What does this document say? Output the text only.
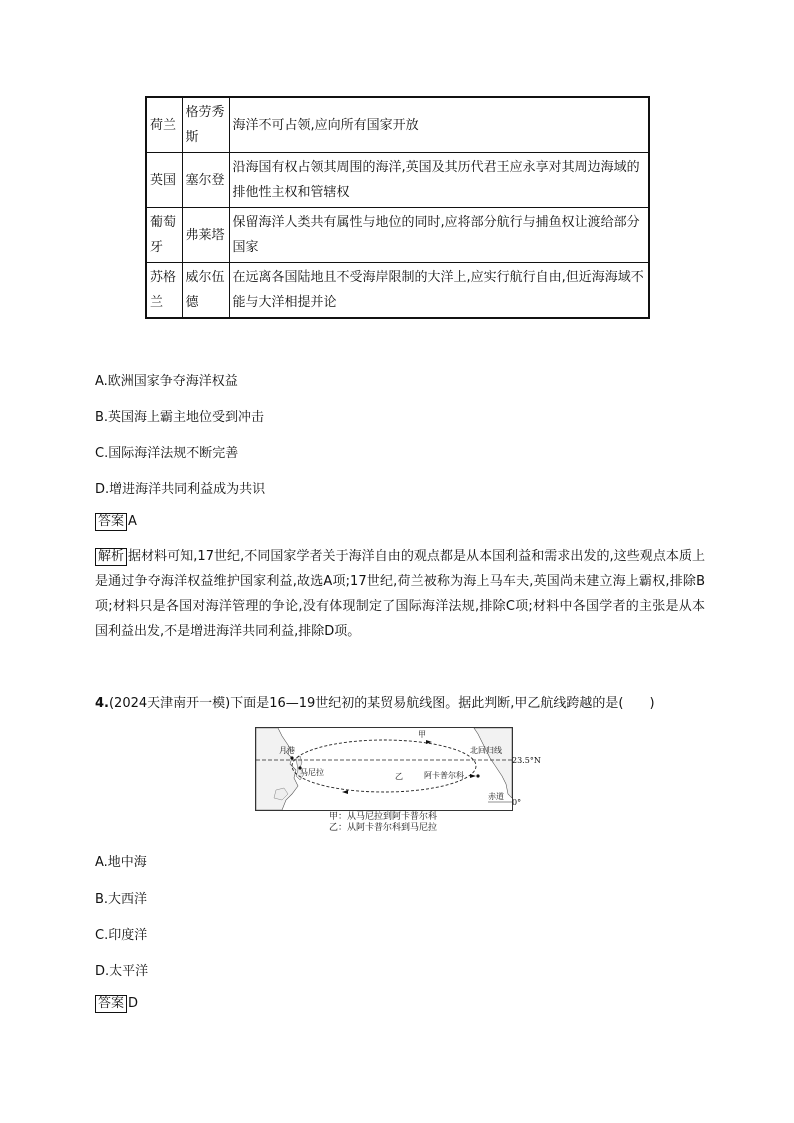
荷兰	格劳秀斯	海洋不可占领,应向所有国家开放
英国	塞尔登	沿海国有权占领其周围的海洋,英国及其历代君王应永享对其周边海域的排他性主权和管辖权
葡萄牙	弗莱塔	保留海洋人类共有属性与地位的同时,应将部分航行与捕鱼权让渡给部分国家
苏格兰	威尔伍德	在远离各国陆地且不受海岸限制的大洋上,应实行航行自由,但近海海域不能与大洋相提并论
A.欧洲国家争夺海洋权益
B.英国海上霸主地位受到冲击
C.国际海洋法规不断完善
D.增进海洋共同利益成为共识
答案 A
解析 据材料可知,17世纪,不同国家学者关于海洋自由的观点都是从本国利益和需求出发的,这些观点本质上是通过争夺海洋权益维护国家利益,故选A项;17世纪,荷兰被称为海上马车夫,英国尚未建立海上霸权,排除B项;材料只是各国对海洋管理的争论,没有体现制定了国际海洋法规,排除C项;材料中各国学者的主张是从本国利益出发,不是增进海洋共同利益,排除D项。
4.(2024天津南开一模)下面是16—19世纪初的某贸易航线图。据此判断,甲乙航线跨越的是(　　)
甲
乙
月港
马尼拉	阿卡普尔科
北回归线
23.5°N
赤道
0°
甲：从马尼拉到阿卡普尔科
乙：从阿卡普尔科到马尼拉
A.地中海
B.大西洋
C.印度洋
D.太平洋
答案 D
